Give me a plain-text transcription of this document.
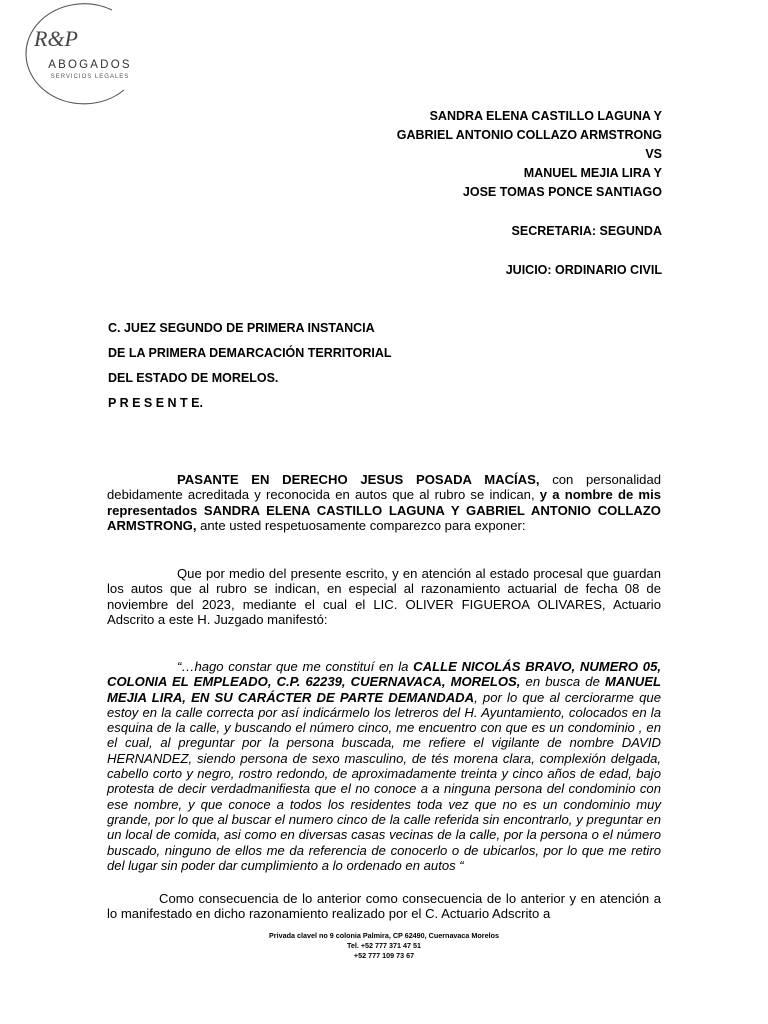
R&P
ABOGADOS
SERVICIOS LEGALES
SANDRA ELENA CASTILLO LAGUNA Y
GABRIEL ANTONIO COLLAZO ARMSTRONG
VS
MANUEL MEJIA LIRA Y
JOSE TOMAS PONCE SANTIAGO
SECRETARIA: SEGUNDA
JUICIO: ORDINARIO CIVIL
C. JUEZ SEGUNDO DE PRIMERA INSTANCIA
DE LA PRIMERA DEMARCACIÓN TERRITORIAL
DEL ESTADO DE MORELOS.
P R E S E N T E.
PASANTE EN DERECHO JESUS POSADA MACÍAS, con personalidad debidamente acreditada y reconocida en autos que al rubro se indican, y a nombre de mis representados SANDRA ELENA CASTILLO LAGUNA Y GABRIEL ANTONIO COLLAZO ARMSTRONG, ante usted respetuosamente comparezco para exponer:
Que por medio del presente escrito, y en atención al estado procesal que guardan los autos que al rubro se indican, en especial al razonamiento actuarial de fecha 08 de noviembre del 2023, mediante el cual el LIC. OLIVER FIGUEROA OLIVARES, Actuario Adscrito a este H. Juzgado manifestó:
“…hago constar que me constituí en la CALLE NICOLÁS BRAVO, NUMERO 05, COLONIA EL EMPLEADO, C.P. 62239, CUERNAVACA, MORELOS, en busca de MANUEL MEJIA LIRA, EN SU CARÁCTER DE PARTE DEMANDADA, por lo que al cerciorarme que estoy en la calle correcta por así indicármelo los letreros del H. Ayuntamiento, colocados en la esquina de la calle, y buscando el número cinco, me encuentro con que es un condominio , en el cual, al preguntar por la persona buscada, me refiere el vigilante de nombre DAVID HERNANDEZ, siendo persona de sexo masculino, de tés morena clara, complexión delgada, cabello corto y negro, rostro redondo, de aproximadamente treinta y cinco años de edad, bajo protesta de decir verdadmanifiesta que el no conoce a a ninguna persona del condominio con ese nombre, y que conoce a todos los residentes toda vez que no es un condominio muy grande, por lo que al buscar el numero cinco de la calle referida sin encontrarlo, y preguntar en un local de comida, asi como en diversas casas vecinas de la calle, por la persona o el número buscado, ninguno de ellos me da referencia de conocerlo o de ubicarlos, por lo que me retiro del lugar sin poder dar cumplimiento a lo ordenado en autos “
Como consecuencia de lo anterior como consecuencia de lo anterior y en atención a lo manifestado en dicho razonamiento realizado por el C. Actuario Adscrito a
Privada clavel no 9 colonia Palmira, CP 62490, Cuernavaca Morelos
Tel. +52 777 371 47 51
+52 777 109 73 67
